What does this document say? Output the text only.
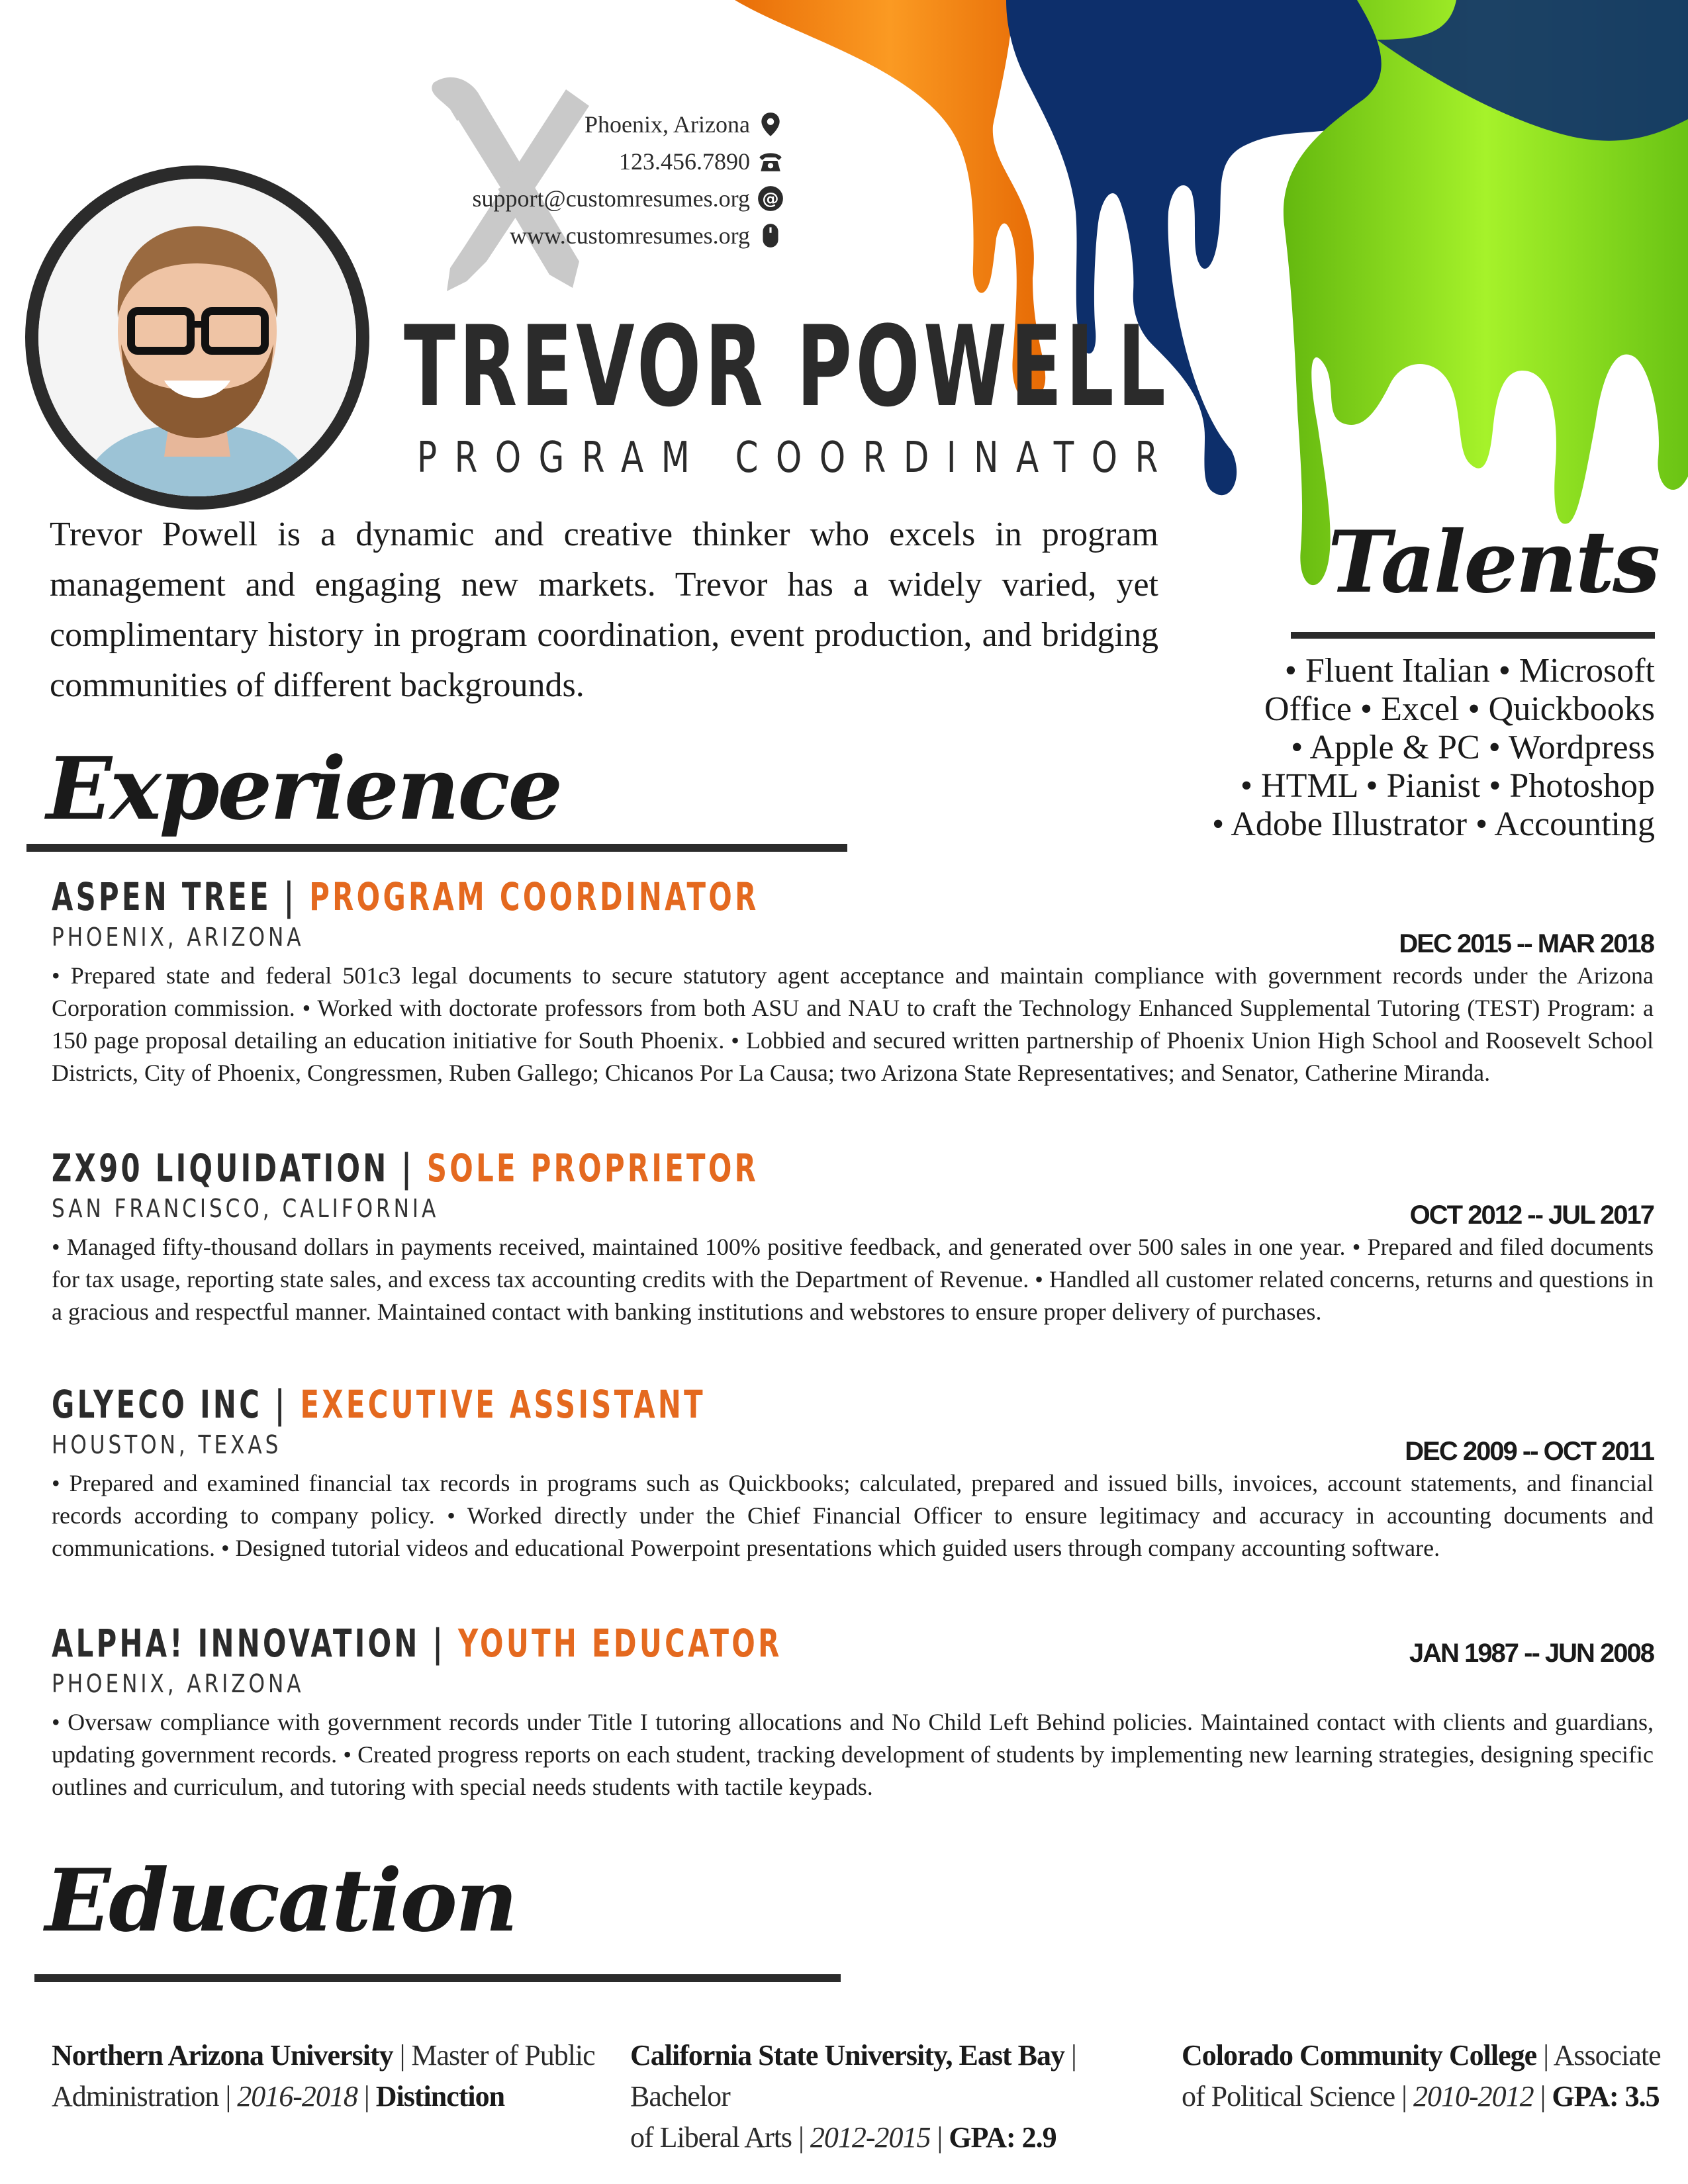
Phoenix, Arizona
123.456.7890
support@customresumes.org @
www.customresumes.org
TREVOR POWELL
PROGRAM COORDINATOR

Trevor Powell is a dynamic and creative thinker who excels in program management and engaging new markets. Trevor has a widely varied, yet complimentary history in program coordination, event production, and bridging communities of different backgrounds.

Talents
• Fluent Italian • Microsoft
Office • Excel • Quickbooks
• Apple & PC • Wordpress
• HTML • Pianist • Photoshop
• Adobe Illustrator • Accounting
Experience
ASPEN TREE | PROGRAM COORDINATOR
PHOENIX, ARIZONA	DEC 2015 -- MAR 2018

• Prepared state and federal 501c3 legal documents to secure statutory agent acceptance and maintain compliance with government records under the Arizona Corporation commission. • Worked with doctorate professors from both ASU and NAU to craft the Technology Enhanced Supplemental Tutoring (TEST) Program: a 150 page proposal detailing an education initiative for South Phoenix. • Lobbied and secured written partnership of Phoenix Union High School and Roosevelt School Districts, City of Phoenix, Congressmen, Ruben Gallego; Chicanos Por La Causa; two Arizona State Representatives; and Senator, Catherine Miranda.

ZX90 LIQUIDATION | SOLE PROPRIETOR
SAN FRANCISCO, CALIFORNIA	OCT 2012 -- JUL 2017

• Managed fifty-thousand dollars in payments received, maintained 100% positive feedback, and generated over 500 sales in one year. • Prepared and filed documents for tax usage, reporting state sales, and excess tax accounting credits with the Department of Revenue. • Handled all customer related concerns, returns and questions in a gracious and respectful manner. Maintained contact with banking institutions and webstores to ensure proper delivery of purchases.

GLYECO INC | EXECUTIVE ASSISTANT
HOUSTON, TEXAS	DEC 2009 -- OCT 2011

• Prepared and examined financial tax records in programs such as Quickbooks; calculated, prepared and issued bills, invoices, account statements, and financial records according to company policy. • Worked directly under the Chief Financial Officer to ensure legitimacy and accuracy in accounting documents and communications. • Designed tutorial videos and educational Powerpoint presentations which guided users through company accounting software.

ALPHA! INNOVATION | YOUTH EDUCATOR
PHOENIX, ARIZONA
JAN 1987 -- JUN 2008

• Oversaw compliance with government records under Title I tutoring allocations and No Child Left Behind policies. Maintained contact with clients and guardians, updating government records. • Created progress reports on each student, tracking development of students by implementing new learning strategies, designing specific outlines and curriculum, and tutoring with special needs students with tactile keypads.

Education
Northern Arizona University | Master of Public
Administration | 2016-2018 | Distinction
California State University, East Bay | Bachelor
of Liberal Arts | 2012-2015 | GPA: 2.9
Colorado Community College | Associate
of Political Science | 2010-2012 | GPA: 3.5
